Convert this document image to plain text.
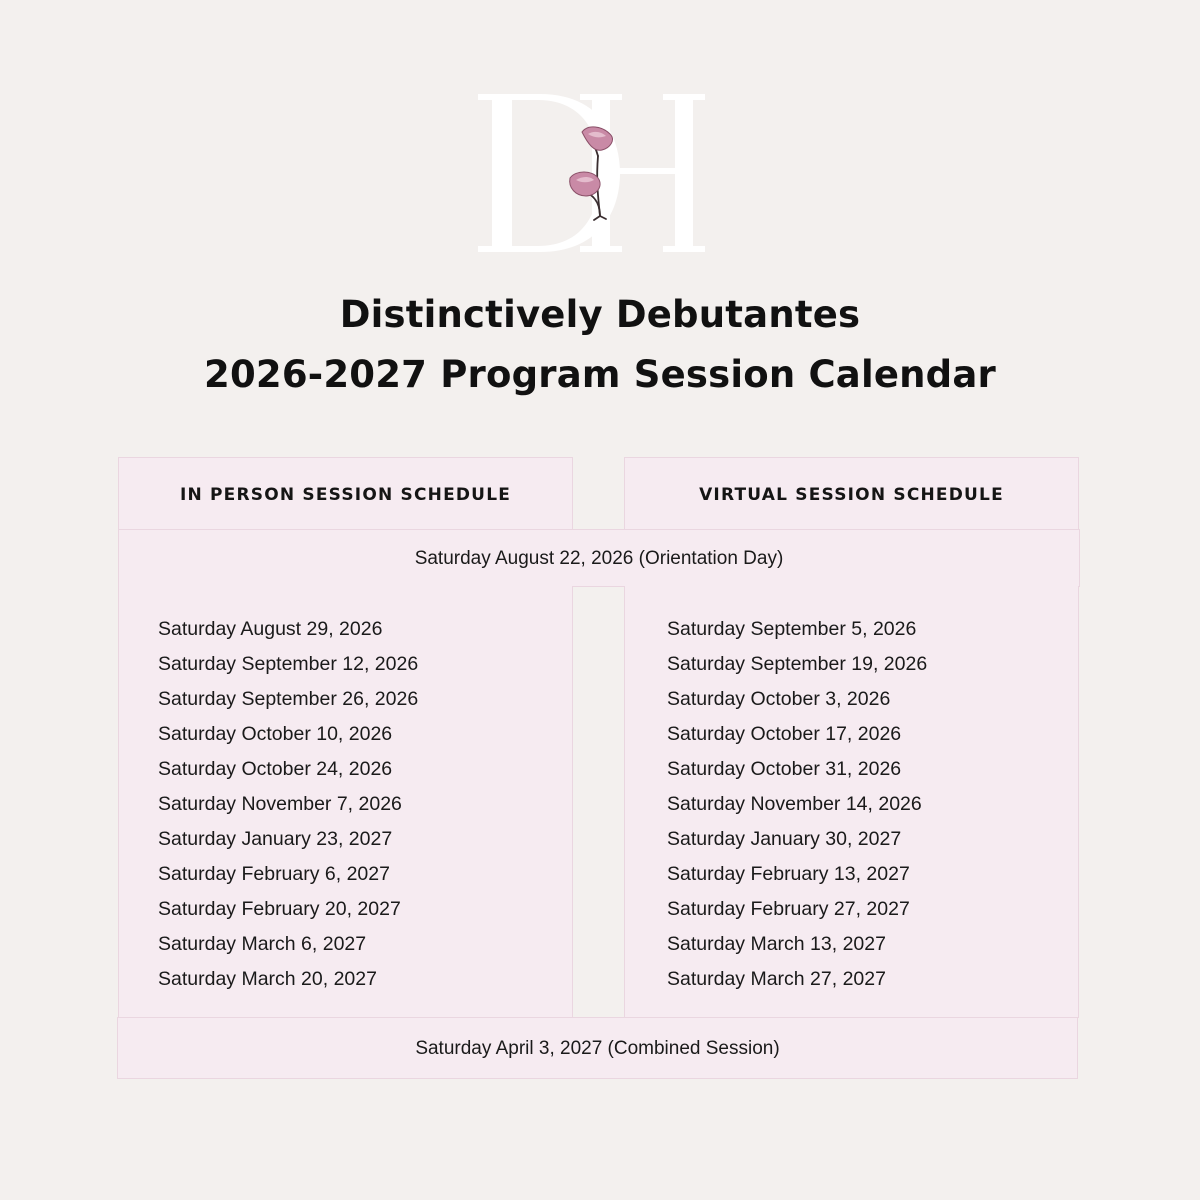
Distinctively Debutantes
2026-2027 Program Session Calendar
IN PERSON SESSION SCHEDULE	VIRTUAL SESSION SCHEDULE
Saturday August 22, 2026 (Orientation Day)
Saturday August 29, 2026
Saturday September 12, 2026
Saturday September 26, 2026
Saturday October 10, 2026
Saturday October 24, 2026
Saturday November 7, 2026
Saturday January 23, 2027
Saturday February 6, 2027
Saturday February 20, 2027
Saturday March 6, 2027
Saturday March 20, 2027
Saturday September 5, 2026
Saturday September 19, 2026
Saturday October 3, 2026
Saturday October 17, 2026
Saturday October 31, 2026
Saturday November 14, 2026
Saturday January 30, 2027
Saturday February 13, 2027
Saturday February 27, 2027
Saturday March 13, 2027
Saturday March 27, 2027
Saturday April 3, 2027 (Combined Session)
